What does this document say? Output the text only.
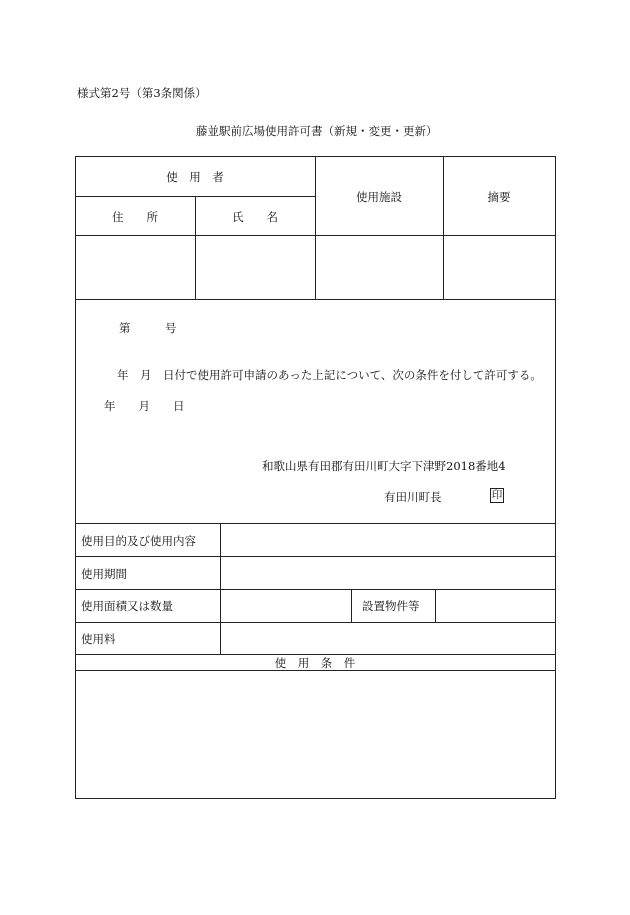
様式第2号（第3条関係）
藤並駅前広場使用許可書（新規・変更・更新）
使　用　者
住　　所	氏　　名
使用施設	摘要
第　　　号
年　月　日付で使用許可申請のあった上記について、次の条件を付して許可する。
年　　月　　日
和歌山県有田郡有田川町大字下津野2018番地4
有田川町長	印
使用目的及び使用内容
使用期間
使用面積又は数量	設置物件等
使用料
使　用　条　件
